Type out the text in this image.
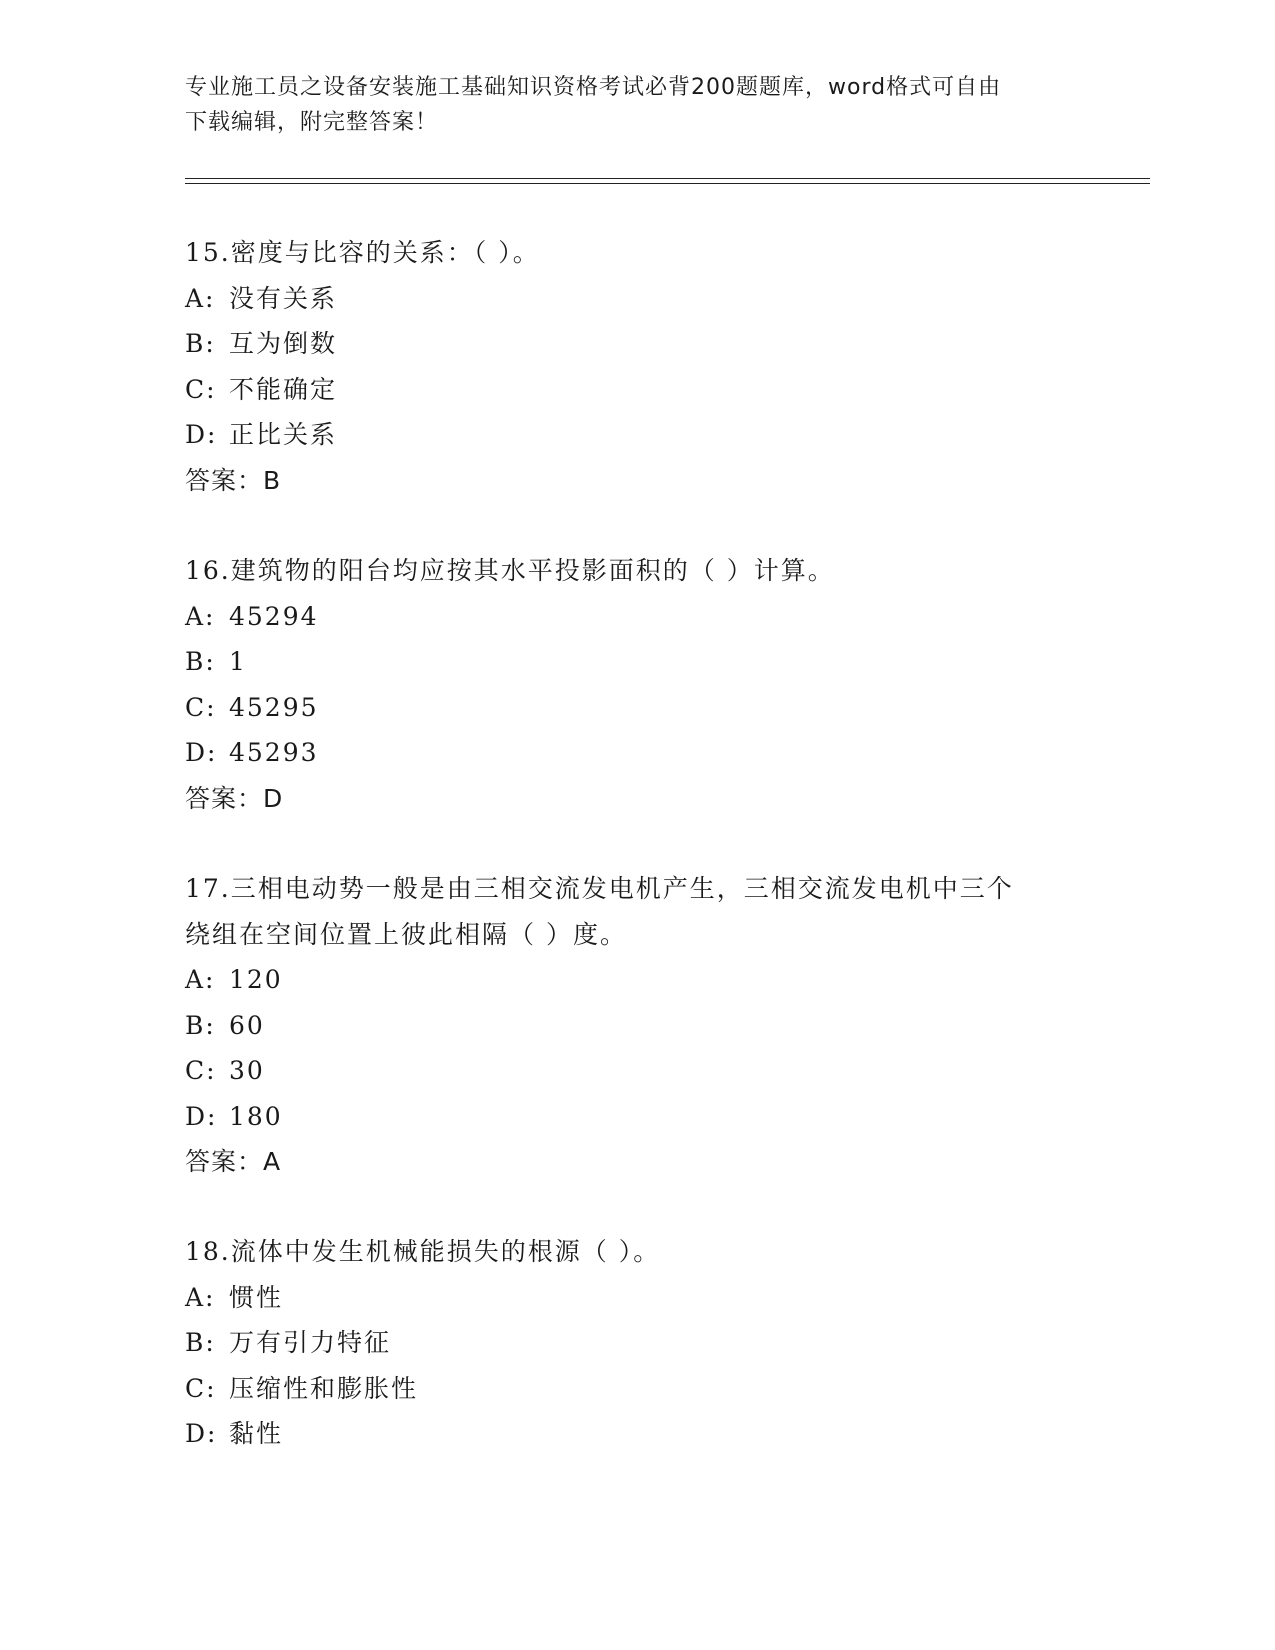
专业施工员之设备安装施工基础知识资格考试必背200题题库，word格式可自由
下载编辑，附完整答案！
15.密度与比容的关系：（ ）。
A: 没有关系
B: 互为倒数
C: 不能确定
D: 正比关系
答案：B
16.建筑物的阳台均应按其水平投影面积的（ ）计算。
A: 45294
B: 1
C: 45295
D: 45293
答案：D
17.三相电动势一般是由三相交流发电机产生，三相交流发电机中三个
绕组在空间位置上彼此相隔（ ）度。
A: 120
B: 60
C: 30
D: 180
答案：A
18.流体中发生机械能损失的根源（ ）。
A: 惯性
B: 万有引力特征
C: 压缩性和膨胀性
D: 黏性
